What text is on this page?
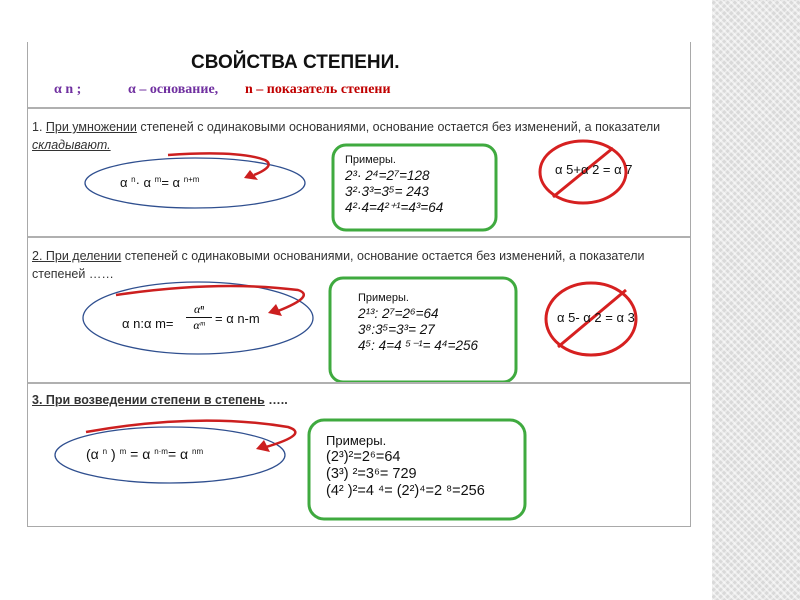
СВОЙСТВА СТЕПЕНИ.
α n ;	α – основание, n – показатель степени
1. При умножении степеней с одинаковыми основаниями, основание остается без изменений, а показатели складывают.
α $^n$· α $^m$= α $^{n+m}$
Примеры.
2³· 2⁴=2⁷=128
3²·3³=3⁵= 243
4²·4=4²⁺¹=4³=64
α 5+α 2 = α 7
2. При делении степеней с одинаковыми основаниями, основание остается без изменений, а показатели степеней ……
α n:α $m= \frac{\text{αⁿ}}{\text{αᵐ}} = \alpha$ n-m
Примеры.
2¹³: 2⁷=2⁶=64
3⁸:3⁵=3³= 27
4⁵: 4=4 ⁵⁻¹= 4⁴=256
α 5- α 2 = α 3
3. При возведении степени в степень …..
(α $^n$ ) $^m$ = α $^{n\cdot m}$= α $^{nm}$
Примеры.
(2³)²=2⁶=64
(3³) ²=3⁶= 729
(4² )²=4 ⁴= (2²)⁴=2 ⁸=256
